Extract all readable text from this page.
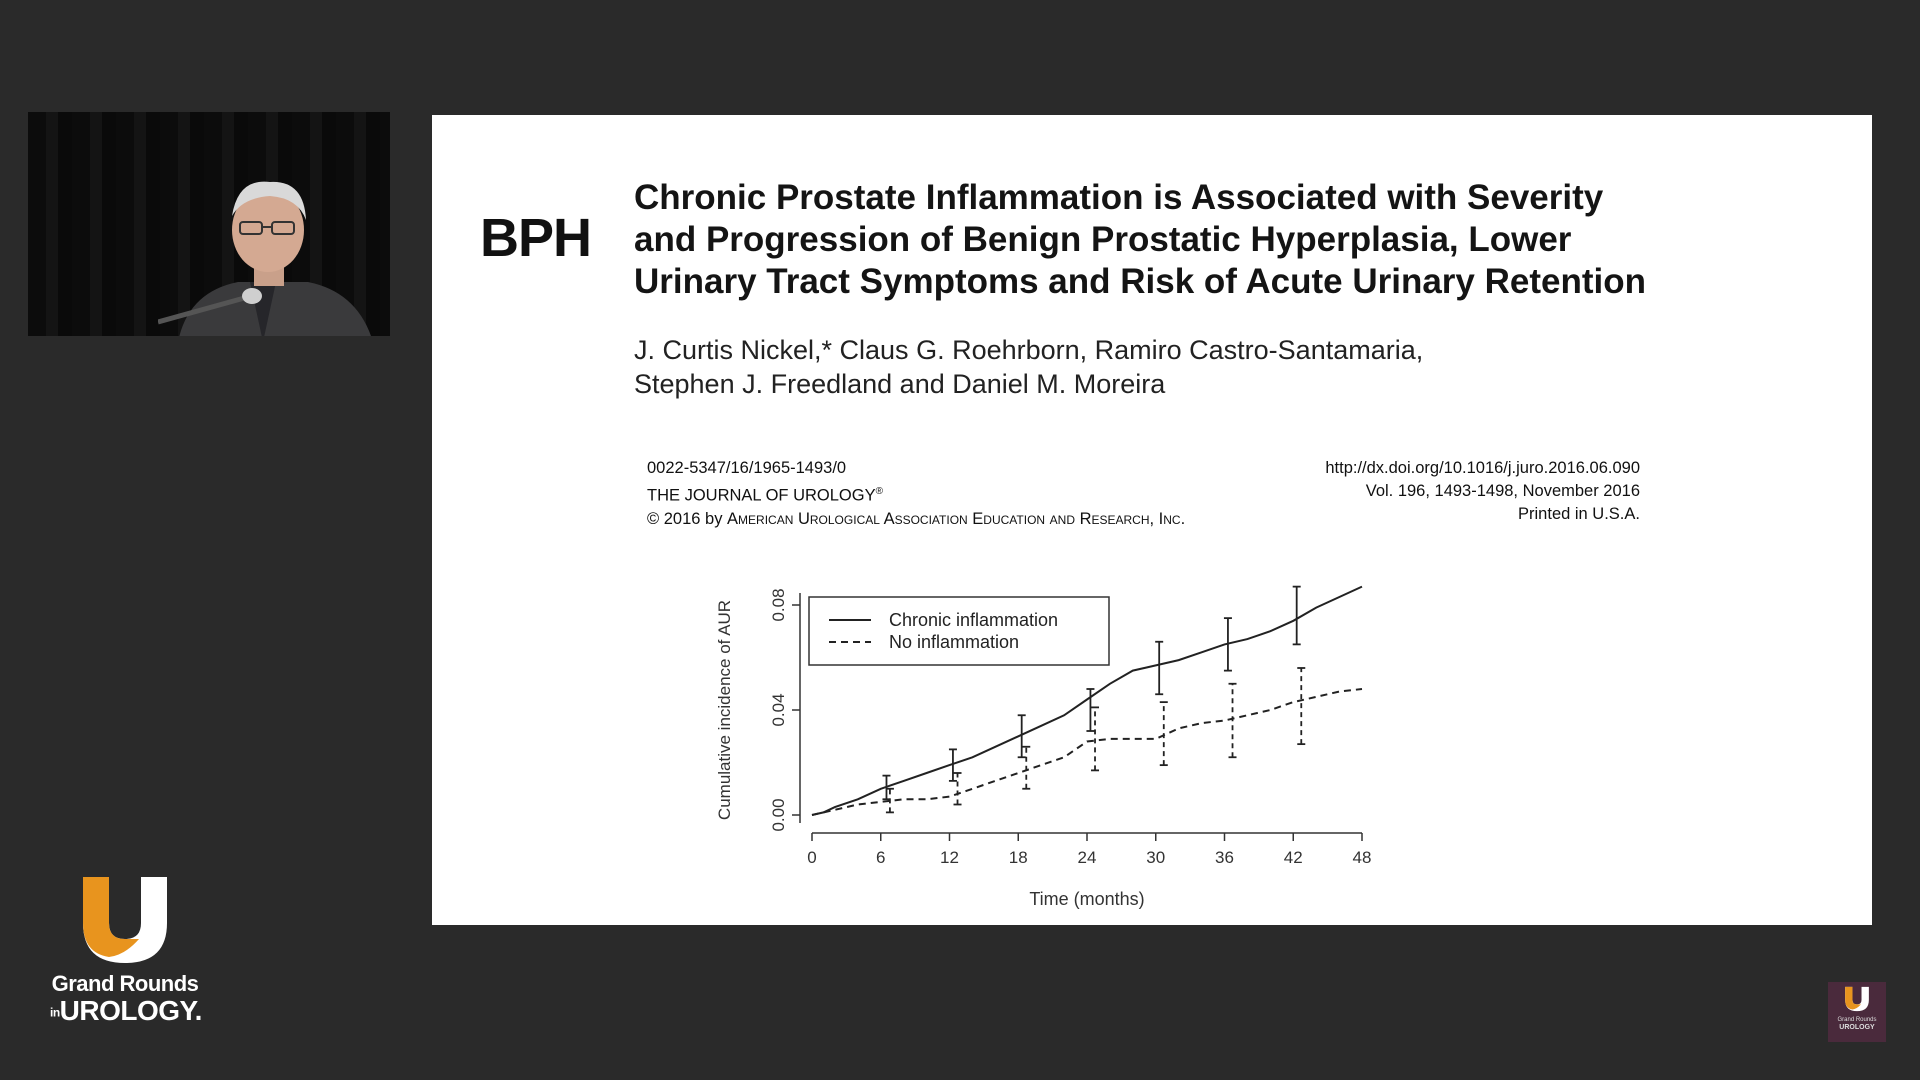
BPH
Chronic Prostate Inflammation is Associated with Severity
and Progression of Benign Prostatic Hyperplasia, Lower
Urinary Tract Symptoms and Risk of Acute Urinary Retention
J. Curtis Nickel,* Claus G. Roehrborn, Ramiro Castro-Santamaria,
Stephen J. Freedland and Daniel M. Moreira
0022-5347/16/1965-1493/0
THE JOURNAL OF UROLOGY®
© 2016 by American Urological Association Education and Research, Inc.
http://dx.doi.org/10.1016/j.juro.2016.06.090
Vol. 196, 1493-1498, November 2016
Printed in U.S.A.
0	6	12	18	24	30	36	42	48
0.00
0.04
0.08
Time (months)
Cumulative incidence of AUR	Chronic inflammation
No inflammation
Grand Rounds
inUROLOGY.	Grand Rounds
UROLOGY
